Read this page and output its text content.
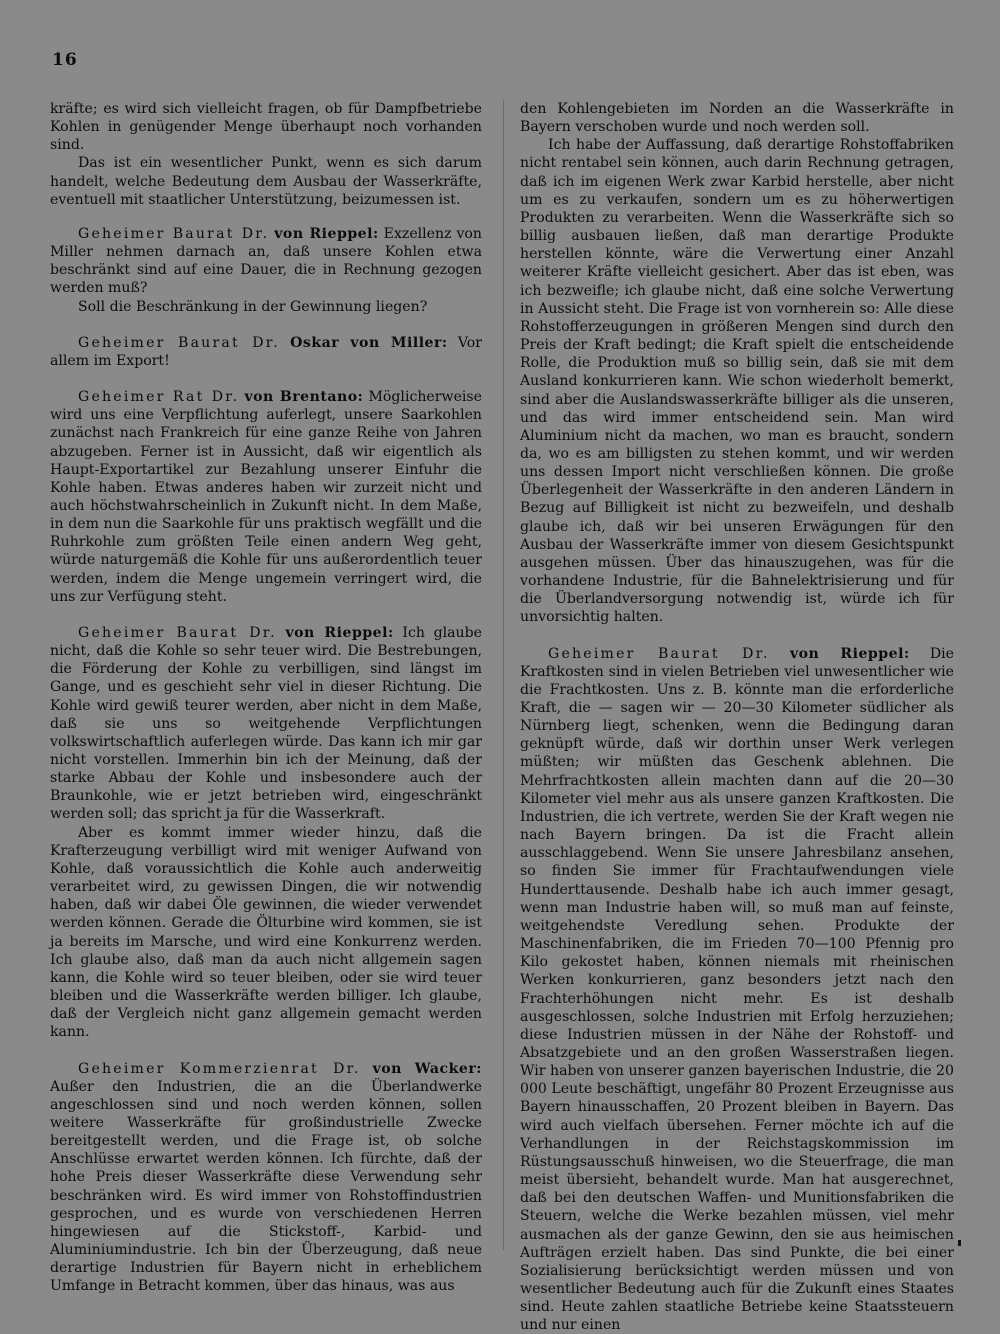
16

kräfte; es wird sich vielleicht fragen, ob für Dampfbetriebe Kohlen in genügender Menge überhaupt noch vorhanden sind.

Das ist ein wesentlicher Punkt, wenn es sich darum handelt, welche Bedeutung dem Ausbau der Wasserkräfte, eventuell mit staatlicher Unterstützung, beizumessen ist.

Geheimer Baurat Dr. von Rieppel: Exzellenz von Miller nehmen darnach an, daß unsere Kohlen etwa beschränkt sind auf eine Dauer, die in Rechnung gezogen werden muß?

Soll die Beschränkung in der Gewinnung liegen?

Geheimer Baurat Dr. Oskar von Miller: Vor allem im Export!

Geheimer Rat Dr. von Brentano: Möglicherweise wird uns eine Verpflichtung auferlegt, unsere Saarkohlen zunächst nach Frankreich für eine ganze Reihe von Jahren abzugeben. Ferner ist in Aussicht, daß wir eigentlich als Haupt-Exportartikel zur Bezahlung unserer Einfuhr die Kohle haben. Etwas anderes haben wir zurzeit nicht und auch höchstwahrscheinlich in Zukunft nicht. In dem Maße, in dem nun die Saarkohle für uns praktisch wegfällt und die Ruhrkohle zum größten Teile einen andern Weg geht, würde naturgemäß die Kohle für uns außerordentlich teuer werden, indem die Menge ungemein verringert wird, die uns zur Verfügung steht.

Geheimer Baurat Dr. von Rieppel: Ich glaube nicht, daß die Kohle so sehr teuer wird. Die Bestrebungen, die Förderung der Kohle zu verbilligen, sind längst im Gange, und es geschieht sehr viel in dieser Richtung. Die Kohle wird gewiß teurer werden, aber nicht in dem Maße, daß sie uns so weitgehende Verpflichtungen volkswirtschaftlich auferlegen würde. Das kann ich mir gar nicht vorstellen. Immerhin bin ich der Meinung, daß der starke Abbau der Kohle und insbesondere auch der Braunkohle, wie er jetzt betrieben wird, eingeschränkt werden soll; das spricht ja für die Wasserkraft.

Aber es kommt immer wieder hinzu, daß die Krafterzeugung verbilligt wird mit weniger Aufwand von Kohle, daß voraussichtlich die Kohle auch anderweitig verarbeitet wird, zu gewissen Dingen, die wir notwendig haben, daß wir dabei Öle gewinnen, die wieder verwendet werden können. Gerade die Ölturbine wird kommen, sie ist ja bereits im Marsche, und wird eine Konkurrenz werden. Ich glaube also, daß man da auch nicht allgemein sagen kann, die Kohle wird so teuer bleiben, oder sie wird teuer bleiben und die Wasserkräfte werden billiger. Ich glaube, daß der Vergleich nicht ganz allgemein gemacht werden kann.

Geheimer Kommerzienrat Dr. von Wacker: Außer den Industrien, die an die Überlandwerke angeschlossen sind und noch werden können, sollen weitere Wasserkräfte für großindustrielle Zwecke bereitgestellt werden, und die Frage ist, ob solche Anschlüsse erwartet werden können. Ich fürchte, daß der hohe Preis dieser Wasserkräfte diese Verwendung sehr beschränken wird. Es wird immer von Rohstoffindustrien gesprochen, und es wurde von verschiedenen Herren hingewiesen auf die Stickstoff-, Karbid- und Aluminiumindustrie. Ich bin der Überzeugung, daß neue derartige Industrien für Bayern nicht in erheblichem Umfange in Betracht kommen, über das hinaus, was aus

den Kohlengebieten im Norden an die Wasserkräfte in Bayern verschoben wurde und noch werden soll.

Ich habe der Auffassung, daß derartige Rohstoffabriken nicht rentabel sein können, auch darin Rechnung getragen, daß ich im eigenen Werk zwar Karbid herstelle, aber nicht um es zu verkaufen, sondern um es zu höherwertigen Produkten zu verarbeiten. Wenn die Wasserkräfte sich so billig ausbauen ließen, daß man derartige Produkte herstellen könnte, wäre die Verwertung einer Anzahl weiterer Kräfte vielleicht gesichert. Aber das ist eben, was ich bezweifle; ich glaube nicht, daß eine solche Verwertung in Aussicht steht. Die Frage ist von vornherein so: Alle diese Rohstofferzeugungen in größeren Mengen sind durch den Preis der Kraft bedingt; die Kraft spielt die entscheidende Rolle, die Produktion muß so billig sein, daß sie mit dem Ausland konkurrieren kann. Wie schon wiederholt bemerkt, sind aber die Auslandswasserkräfte billiger als die unseren, und das wird immer entscheidend sein. Man wird Aluminium nicht da machen, wo man es braucht, sondern da, wo es am billigsten zu stehen kommt, und wir werden uns dessen Import nicht verschließen können. Die große Überlegenheit der Wasserkräfte in den anderen Ländern in Bezug auf Billigkeit ist nicht zu bezweifeln, und deshalb glaube ich, daß wir bei unseren Erwägungen für den Ausbau der Wasserkräfte immer von diesem Gesichtspunkt ausgehen müssen. Über das hinauszugehen, was für die vorhandene Industrie, für die Bahnelektrisierung und für die Überlandversorgung notwendig ist, würde ich für unvorsichtig halten.

Geheimer Baurat Dr. von Rieppel: Die Kraftkosten sind in vielen Betrieben viel unwesentlicher wie die Frachtkosten. Uns z. B. könnte man die erforderliche Kraft, die — sagen wir — 20—30 Kilometer südlicher als Nürnberg liegt, schenken, wenn die Bedingung daran geknüpft würde, daß wir dorthin unser Werk verlegen müßten; wir müßten das Geschenk ablehnen. Die Mehrfrachtkosten allein machten dann auf die 20—30 Kilometer viel mehr aus als unsere ganzen Kraftkosten. Die Industrien, die ich vertrete, werden Sie der Kraft wegen nie nach Bayern bringen. Da ist die Fracht allein ausschlaggebend. Wenn Sie unsere Jahresbilanz ansehen, so finden Sie immer für Frachtaufwendungen viele Hunderttausende. Deshalb habe ich auch immer gesagt, wenn man Industrie haben will, so muß man auf feinste, weitgehendste Veredlung sehen. Produkte der Maschinenfabriken, die im Frieden 70—100 Pfennig pro Kilo gekostet haben, können niemals mit rheinischen Werken konkurrieren, ganz besonders jetzt nach den Frachterhöhungen nicht mehr. Es ist deshalb ausgeschlossen, solche Industrien mit Erfolg herzuziehen; diese Industrien müssen in der Nähe der Rohstoff- und Absatzgebiete und an den großen Wasserstraßen liegen. Wir haben von unserer ganzen bayerischen Industrie, die 20 000 Leute beschäftigt, ungefähr 80 Prozent Erzeugnisse aus Bayern hinausschaffen, 20 Prozent bleiben in Bayern. Das wird auch vielfach übersehen. Ferner möchte ich auf die Verhandlungen in der Reichstagskommission im Rüstungsausschuß hinweisen, wo die Steuerfrage, die man meist übersieht, behandelt wurde. Man hat ausgerechnet, daß bei den deutschen Waffen- und Munitionsfabriken die Steuern, welche die Werke bezahlen müssen, viel mehr ausmachen als der ganze Gewinn, den sie aus heimischen Aufträgen erzielt haben. Das sind Punkte, die bei einer Sozialisierung berücksichtigt werden müssen und von wesentlicher Bedeutung auch für die Zukunft eines Staates sind. Heute zahlen staatliche Betriebe keine Staatssteuern und nur einen
